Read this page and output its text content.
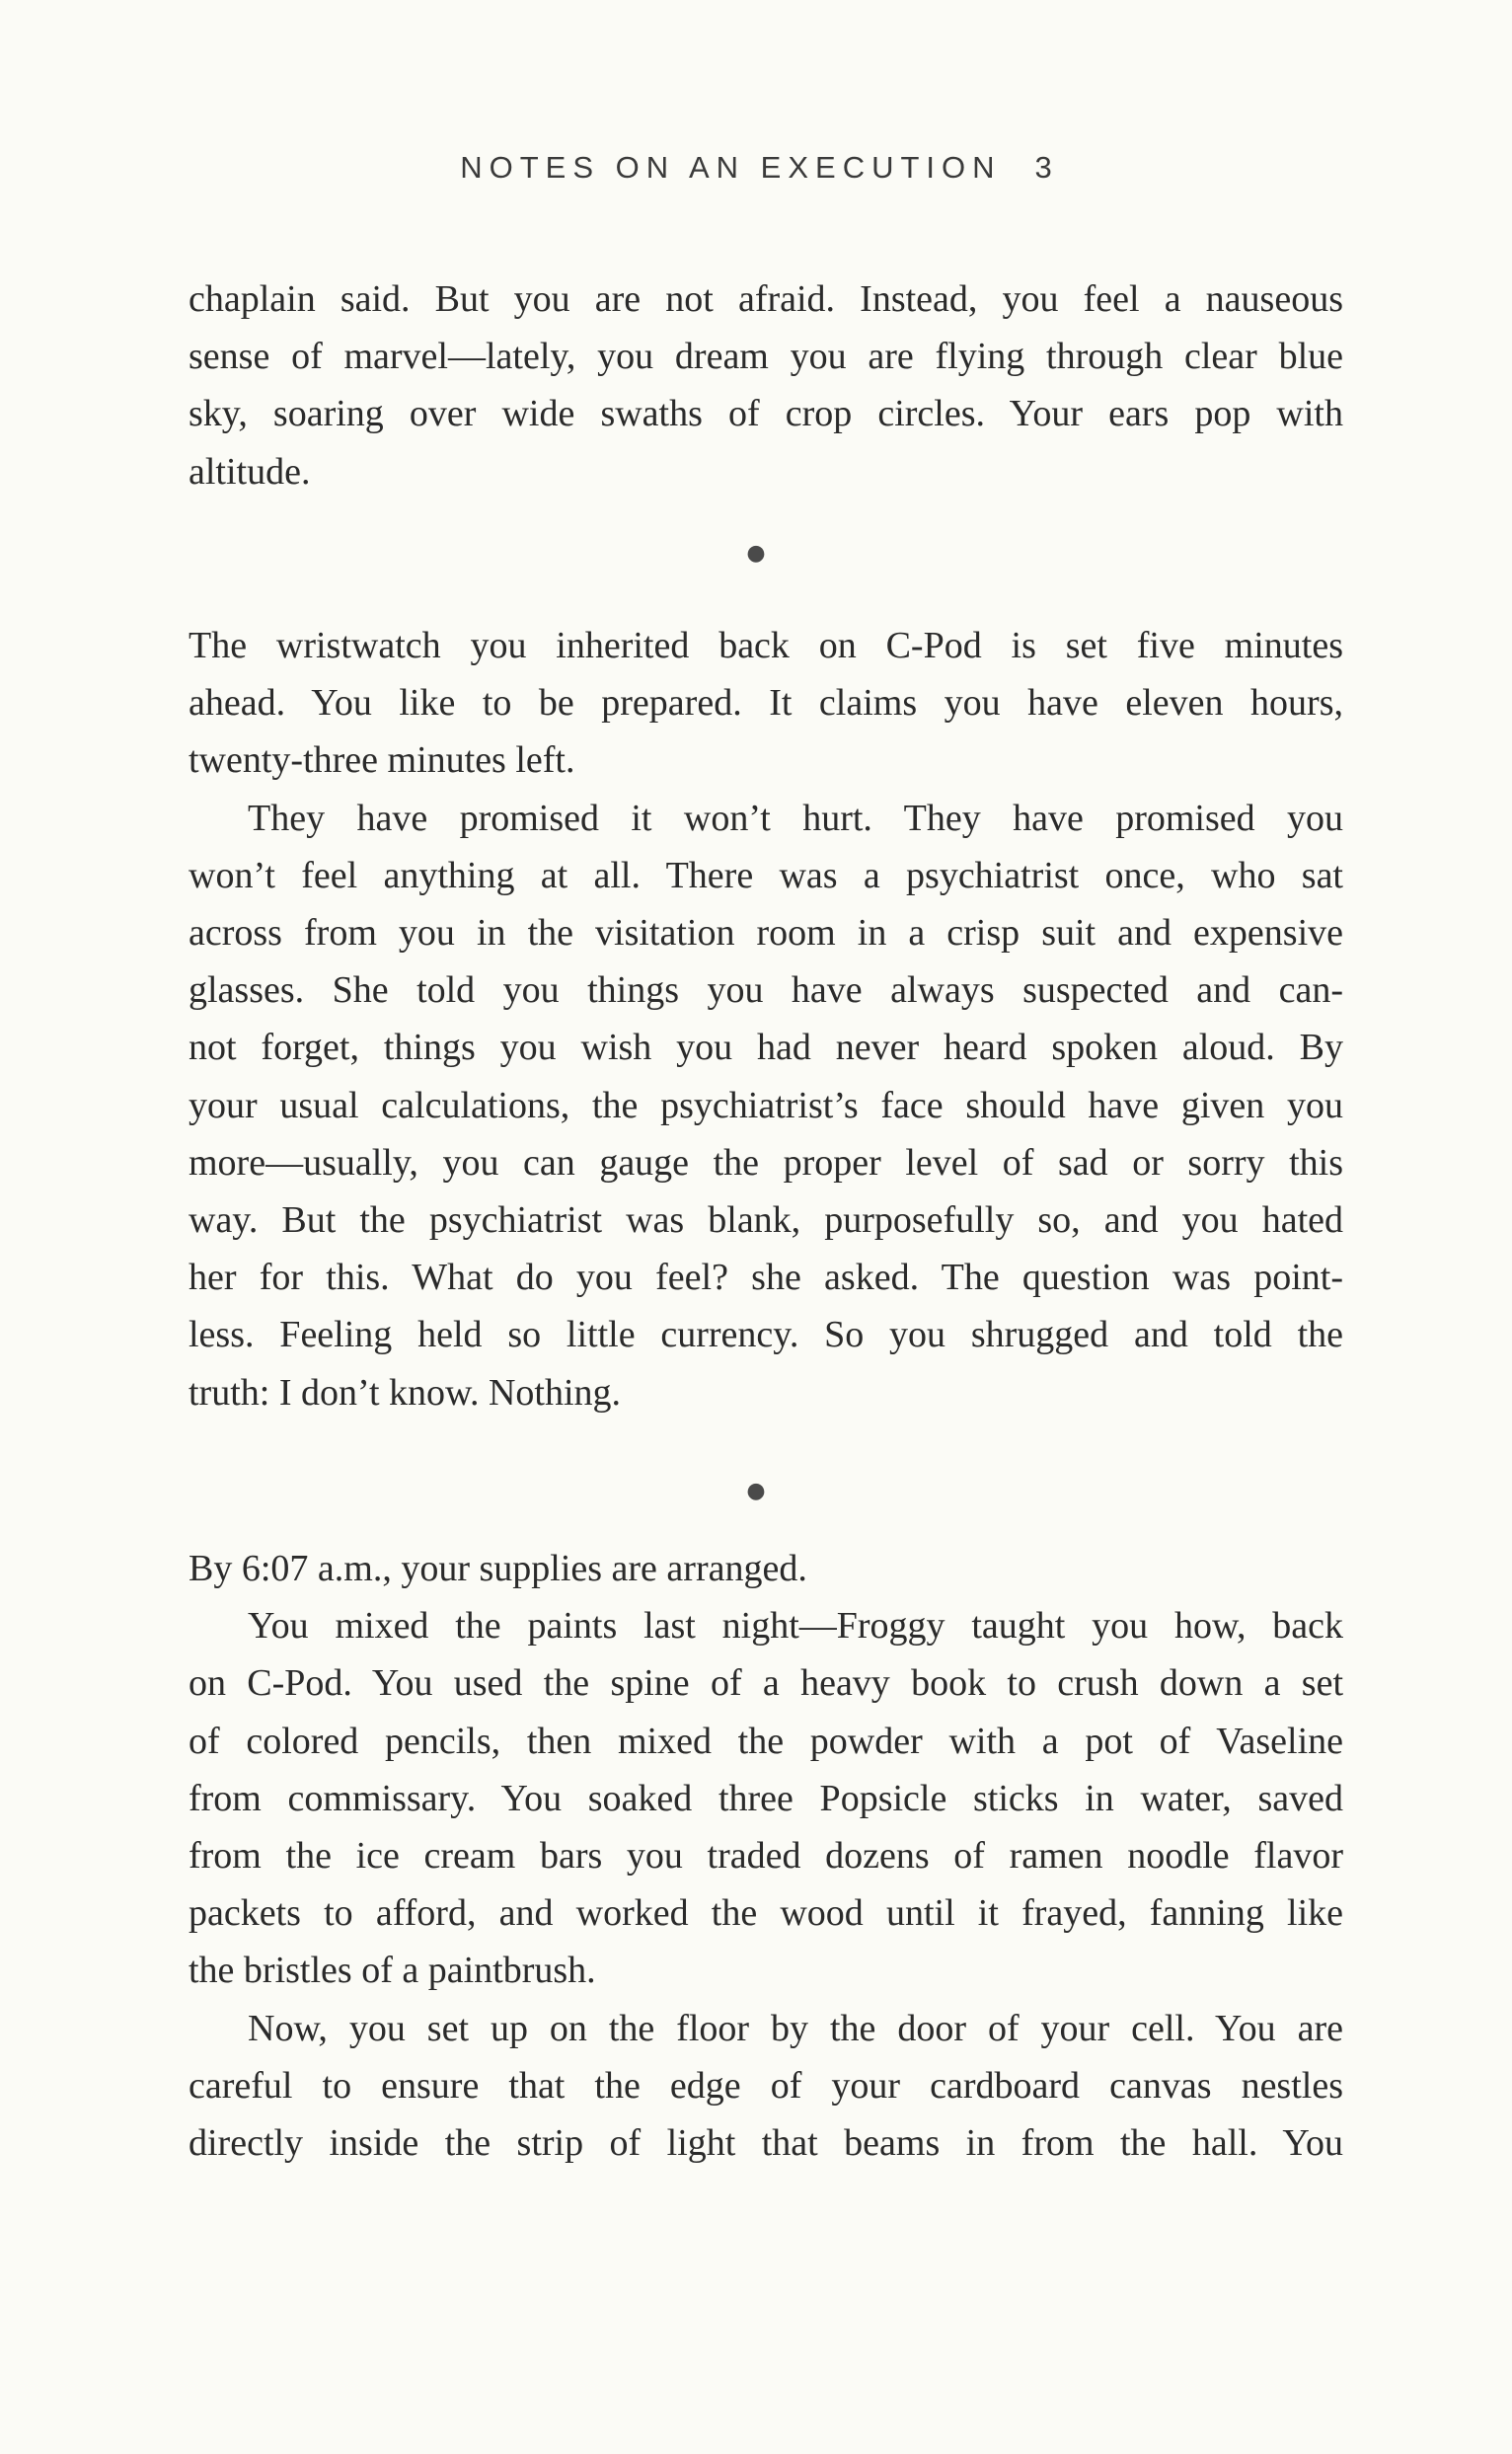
NOTES ON AN EXECUTION 3

chaplain said. But you are not afraid. Instead, you feel a nauseous

sense of marvel—lately, you dream you are flying through clear blue

sky, soaring over wide swaths of crop circles. Your ears pop with

altitude.

●

The wristwatch you inherited back on C-Pod is set five minutes

ahead. You like to be prepared. It claims you have eleven hours,

twenty-three minutes left.

They have promised it won’t hurt. They have promised you

won’t feel anything at all. There was a psychiatrist once, who sat

across from you in the visitation room in a crisp suit and expensive

glasses. She told you things you have always suspected and can-

not forget, things you wish you had never heard spoken aloud. By

your usual calculations, the psychiatrist’s face should have given you

more—usually, you can gauge the proper level of sad or sorry this

way. But the psychiatrist was blank, purposefully so, and you hated

her for this. What do you feel? she asked. The question was point-

less. Feeling held so little currency. So you shrugged and told the

truth: I don’t know. Nothing.

●

By 6:07 a.m., your supplies are arranged.

You mixed the paints last night—Froggy taught you how, back

on C-Pod. You used the spine of a heavy book to crush down a set

of colored pencils, then mixed the powder with a pot of Vaseline

from commissary. You soaked three Popsicle sticks in water, saved

from the ice cream bars you traded dozens of ramen noodle flavor

packets to afford, and worked the wood until it frayed, fanning like

the bristles of a paintbrush.

Now, you set up on the floor by the door of your cell. You are

careful to ensure that the edge of your cardboard canvas nestles

directly inside the strip of light that beams in from the hall. You
